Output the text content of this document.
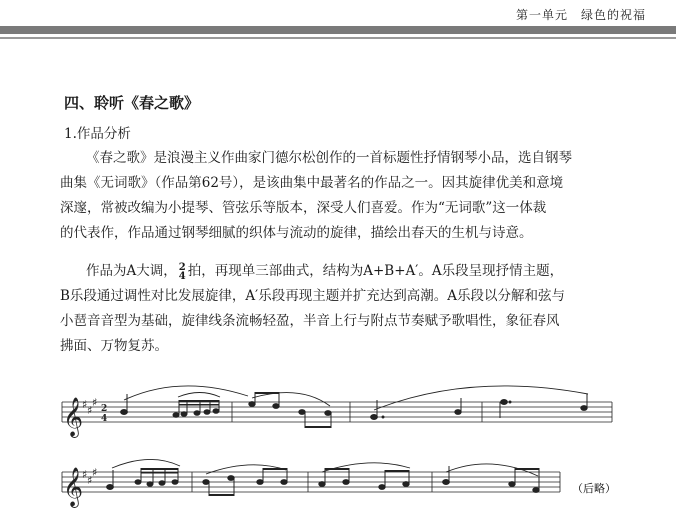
第一单元　绿色的祝福
四、聆听《春之歌》
1.作品分析
《春之歌》是浪漫主义作曲家门德尔松创作的一首标题性抒情钢琴小品，选自钢琴
曲集《无词歌》（作品第62号），是该曲集中最著名的作品之一。因其旋律优美和意境
深邃，常被改编为小提琴、管弦乐等版本，深受人们喜爱。作为“无词歌”这一体裁
的代表作，作品通过钢琴细腻的织体与流动的旋律，描绘出春天的生机与诗意。
作品为A大调， 2
4 拍，再现单三部曲式，结构为A+B+A′。A乐段呈现抒情主题，
B乐段通过调性对比发展旋律，A′乐段再现主题并扩充达到高潮。A乐段以分解和弦与
小琶音音型为基础，旋律线条流畅轻盈，半音上行与附点节奏赋予歌唱性，象征春风
拂面、万物复苏。
𝄞
♯ ♯
♯ 2
4
𝄞
♯ ♯
♯
（后略）
